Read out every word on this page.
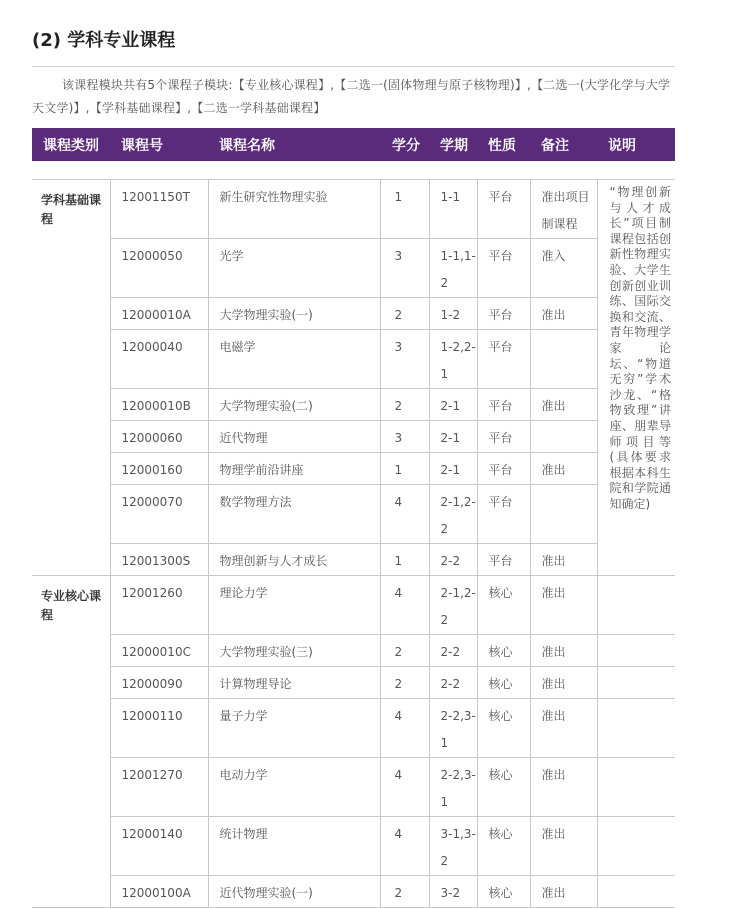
(2) 学科专业课程
该课程模块共有5个课程子模块:【专业核心课程】,【二选一(固体物理与原子核物理)】,【二选一(大学化学与大学天文学)】,【学科基础课程】,【二选一学科基础课程】
课程类别	课程号	课程名称	学分	学期	性质	备注	说明

学科基础课程	12001150T	新生研究性物理实验	1	1-1	平台	准出项目制课程	“物理创新与人才成长”项目制课程包括创新性物理实验、大学生创新创业训练、国际交换和交流、青年物理学家论坛、“物道无穷”学术沙龙、“格物致理”讲座、朋辈导师项目等(具体要求根据本科生院和学院通知确定)

	12000050	光学	3	1-1,1-2	平台	准入	
	12000010A	大学物理实验(一)	2	1-2	平台	准出	
	12000040	电磁学	3	1-2,2-1	平台		
	12000010B	大学物理实验(二)	2	2-1	平台	准出	
	12000060	近代物理	3	2-1	平台		
	12000160	物理学前沿讲座	1	2-1	平台	准出	
	12000070	数学物理方法	4	2-1,2-2	平台		
	12001300S	物理创新与人才成长	1	2-2	平台	准出	
专业核心课程	12001260	理论力学	4	2-1,2-2	核心	准出	
	12000010C	大学物理实验(三)	2	2-2	核心	准出	
	12000090	计算物理导论	2	2-2	核心	准出	
	12000110	量子力学	4	2-2,3-1	核心	准出	
	12001270	电动力学	4	2-2,3-1	核心	准出	
	12000140	统计物理	4	3-1,3-2	核心	准出	
	12000100A	近代物理实验(一)	2	3-2	核心	准出	
